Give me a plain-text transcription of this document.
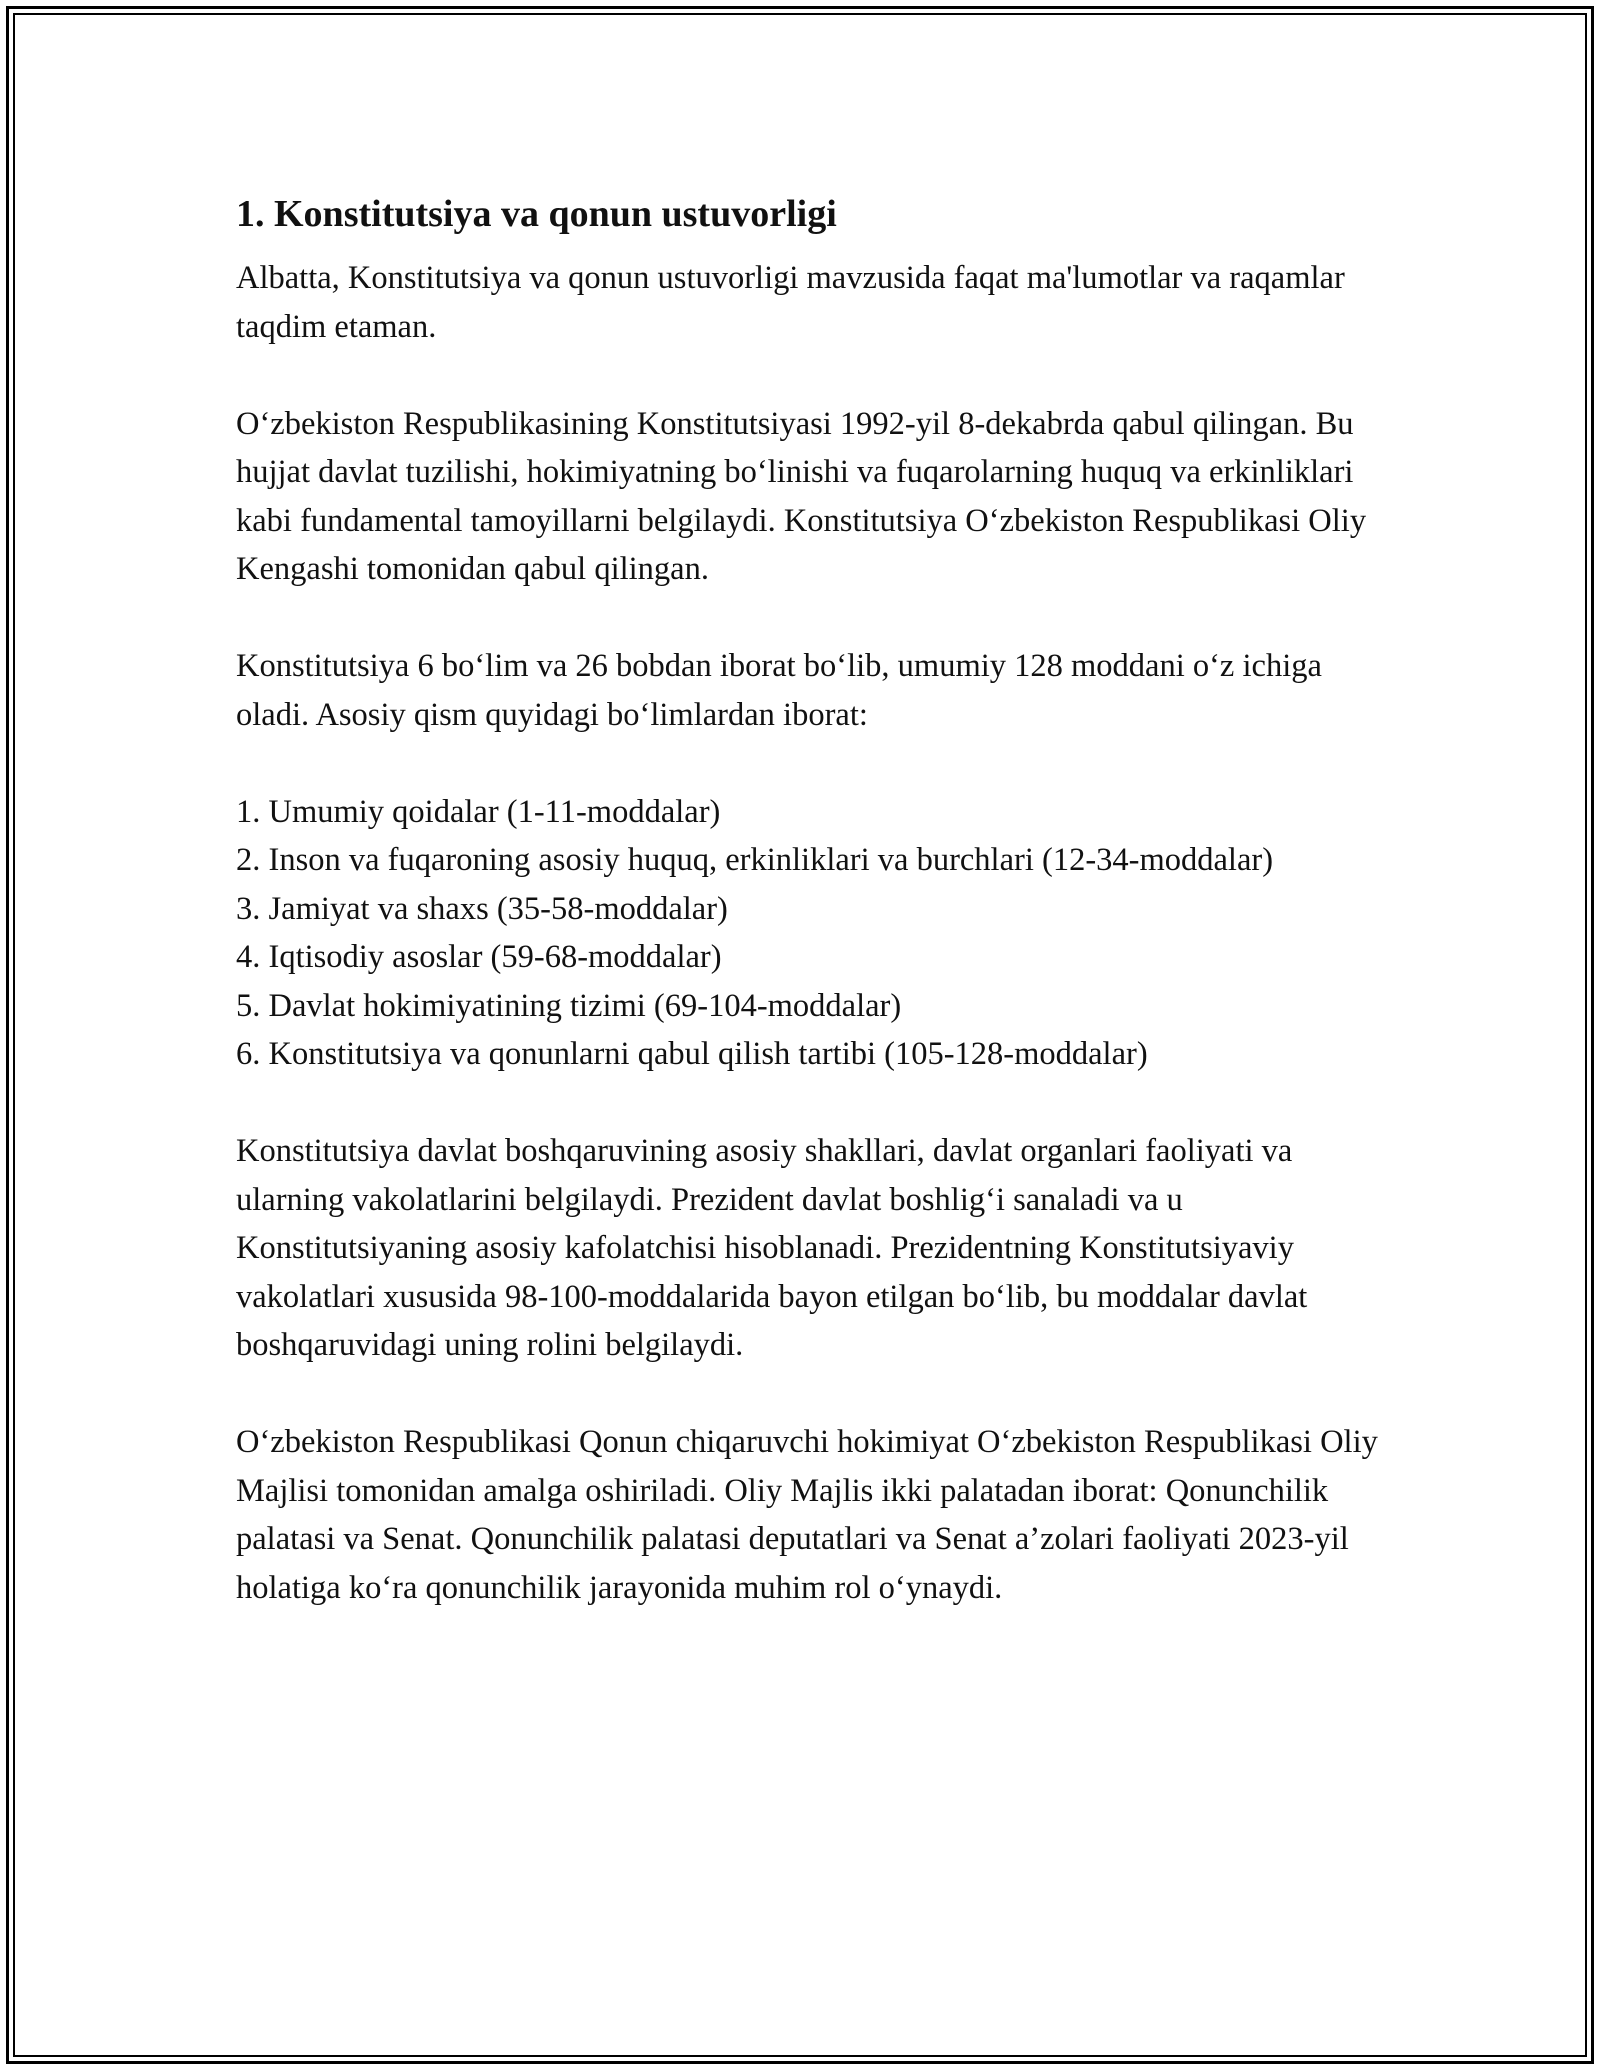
1. Konstitutsiya va qonun ustuvorligi

Albatta, Konstitutsiya va qonun ustuvorligi mavzusida faqat ma'lumotlar va raqamlar taqdim etaman.

O‘zbekiston Respublikasining Konstitutsiyasi 1992-yil 8-dekabrda qabul qilingan. Bu hujjat davlat tuzilishi, hokimiyatning bo‘linishi va fuqarolarning huquq va erkinliklari kabi fundamental tamoyillarni belgilaydi. Konstitutsiya O‘zbekiston Respublikasi Oliy Kengashi tomonidan qabul qilingan.

Konstitutsiya 6 bo‘lim va 26 bobdan iborat bo‘lib, umumiy 128 moddani o‘z ichiga oladi. Asosiy qism quyidagi bo‘limlardan iborat:

1. Umumiy qoidalar (1-11-moddalar)
2. Inson va fuqaroning asosiy huquq, erkinliklari va burchlari (12-34-moddalar)
3. Jamiyat va shaxs (35-58-moddalar)
4. Iqtisodiy asoslar (59-68-moddalar)
5. Davlat hokimiyatining tizimi (69-104-moddalar)
6. Konstitutsiya va qonunlarni qabul qilish tartibi (105-128-moddalar)

Konstitutsiya davlat boshqaruvining asosiy shakllari, davlat organlari faoliyati va ularning vakolatlarini belgilaydi. Prezident davlat boshlig‘i sanaladi va u Konstitutsiyaning asosiy kafolatchisi hisoblanadi. Prezidentning Konstitutsiyaviy vakolatlari xususida 98-100-moddalarida bayon etilgan bo‘lib, bu moddalar davlat boshqaruvidagi uning rolini belgilaydi.

O‘zbekiston Respublikasi Qonun chiqaruvchi hokimiyat O‘zbekiston Respublikasi Oliy Majlisi tomonidan amalga oshiriladi. Oliy Majlis ikki palatadan iborat: Qonunchilik palatasi va Senat. Qonunchilik palatasi deputatlari va Senat a’zolari faoliyati 2023-yil holatiga ko‘ra qonunchilik jarayonida muhim rol o‘ynaydi.
